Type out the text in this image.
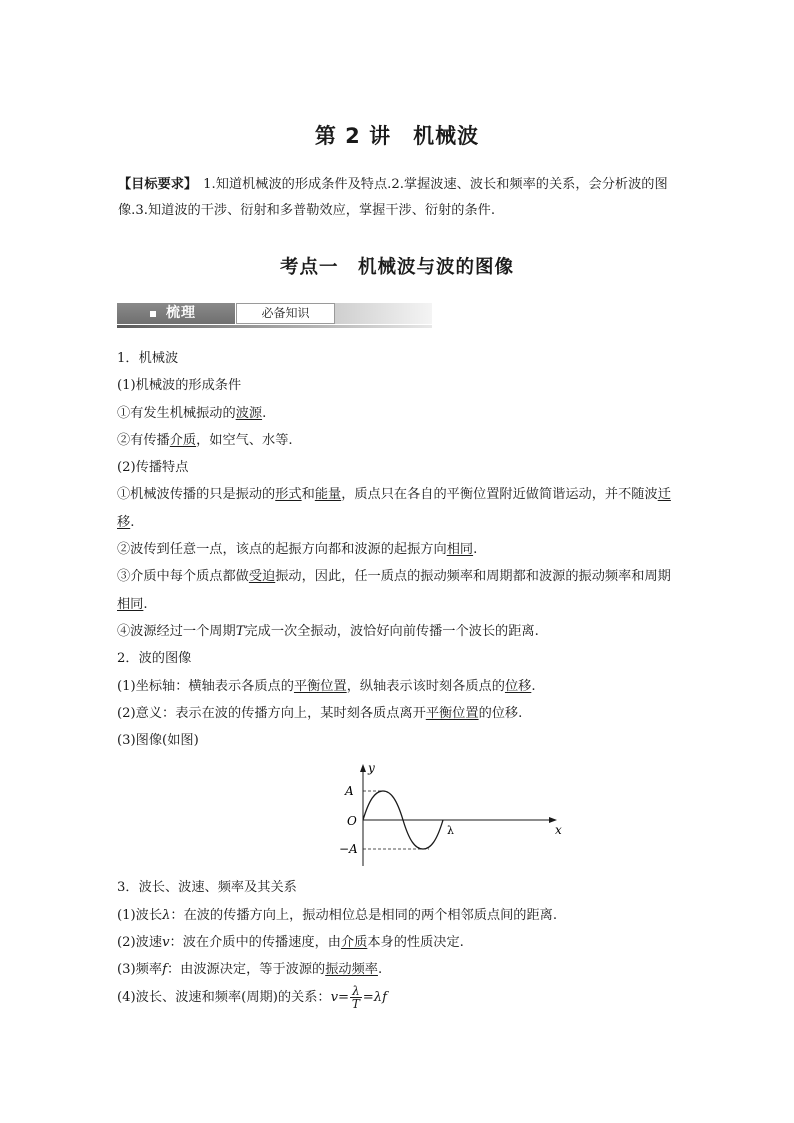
第 2 讲　机械波

【目标要求】 1.知道机械波的形成条件及特点.2.掌握波速、波长和频率的关系，会分析波的图像.3.知道波的干涉、衍射和多普勒效应，掌握干涉、衍射的条件.

考点一　机械波与波的图像
梳理	必备知识

1．机械波

(1)机械波的形成条件

①有发生机械振动的波源.

②有传播介质，如空气、水等.

(2)传播特点

①机械波传播的只是振动的形式和能量，质点只在各自的平衡位置附近做简谐运动，并不随波迁移.

②波传到任意一点，该点的起振方向都和波源的起振方向相同.

③介质中每个质点都做受迫振动，因此，任一质点的振动频率和周期都和波源的振动频率和周期相同.

④波源经过一个周期T完成一次全振动，波恰好向前传播一个波长的距离.

2．波的图像

(1)坐标轴：横轴表示各质点的平衡位置，纵轴表示该时刻各质点的位移.

(2)意义：表示在波的传播方向上，某时刻各质点离开平衡位置的位移.

(3)图像(如图)

A
−A
O
y
x
λ

3．波长、波速、频率及其关系

(1)波长λ：在波的传播方向上，振动相位总是相同的两个相邻质点间的距离.

(2)波速v：波在介质中的传播速度，由介质本身的性质决定.

(3)频率f：由波源决定，等于波源的振动频率.

(4)波长、波速和频率(周期)的关系：$v= \frac{\lambda}{T} =\lambda f$
